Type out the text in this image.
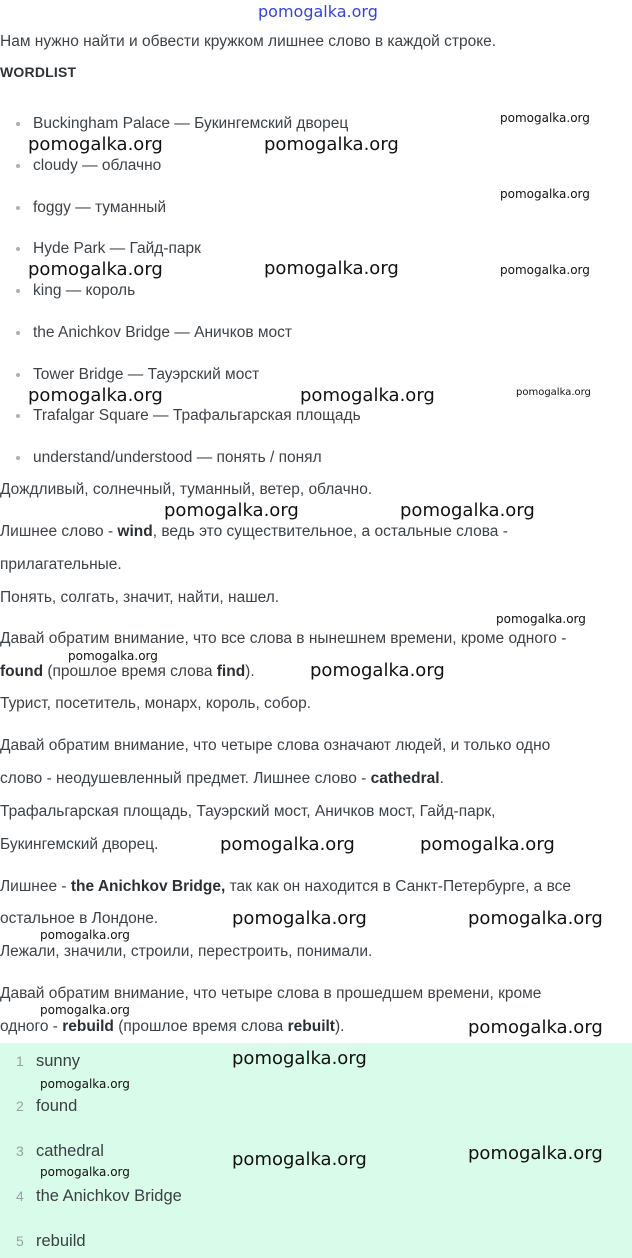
pomogalka.org
Нам нужно найти и обвести кружком лишнее слово в каждой строке.
WORDLIST
Buckingham Palace — Букингемский дворец
cloudy — облачно
foggy — туманный
Hyde Park — Гайд-парк
king — король
the Anichkov Bridge — Аничков мост
Tower Bridge — Тауэрский мост
Trafalgar Square — Трафальгарская площадь
understand/understood — понять / понял
Дождливый, солнечный, туманный, ветер, облачно.
Лишнее слово - wind, ведь это существительное, а остальные слова -
прилагательные.
Понять, солгать, значит, найти, нашел.
Давай обратим внимание, что все слова в нынешнем времени, кроме одного -
found (прошлое время слова find).
Турист, посетитель, монарх, король, собор.
Давай обратим внимание, что четыре слова означают людей, и только одно
слово - неодушевленный предмет. Лишнее слово - cathedral.
Трафальгарская площадь, Тауэрский мост, Аничков мост, Гайд-парк,
Букингемский дворец.
Лишнее - the Anichkov Bridge, так как он находится в Санкт-Петербурге, а все
остальное в Лондоне.
Лежали, значили, строили, перестроить, понимали.
Давай обратим внимание, что четыре слова в прошедшем времени, кроме
одного - rebuild (прошлое время слова rebuilt).
1 sunny
2 found
3 cathedral
4 the Anichkov Bridge
5 rebuild
pomogalka.org
pomogalka.org	pomogalka.org
pomogalka.org
pomogalka.org
pomogalka.org	pomogalka.org
pomogalka.org	pomogalka.org
pomogalka.org
pomogalka.org
pomogalka.org
pomogalka.org
pomogalka.org
pomogalka.org
pomogalka.org	pomogalka.org
pomogalka.org
pomogalka.org
pomogalka.org
pomogalka.org
pomogalka.org
pomogalka.org
pomogalka.org
pomogalka.org
pomogalka.org
pomogalka.org
